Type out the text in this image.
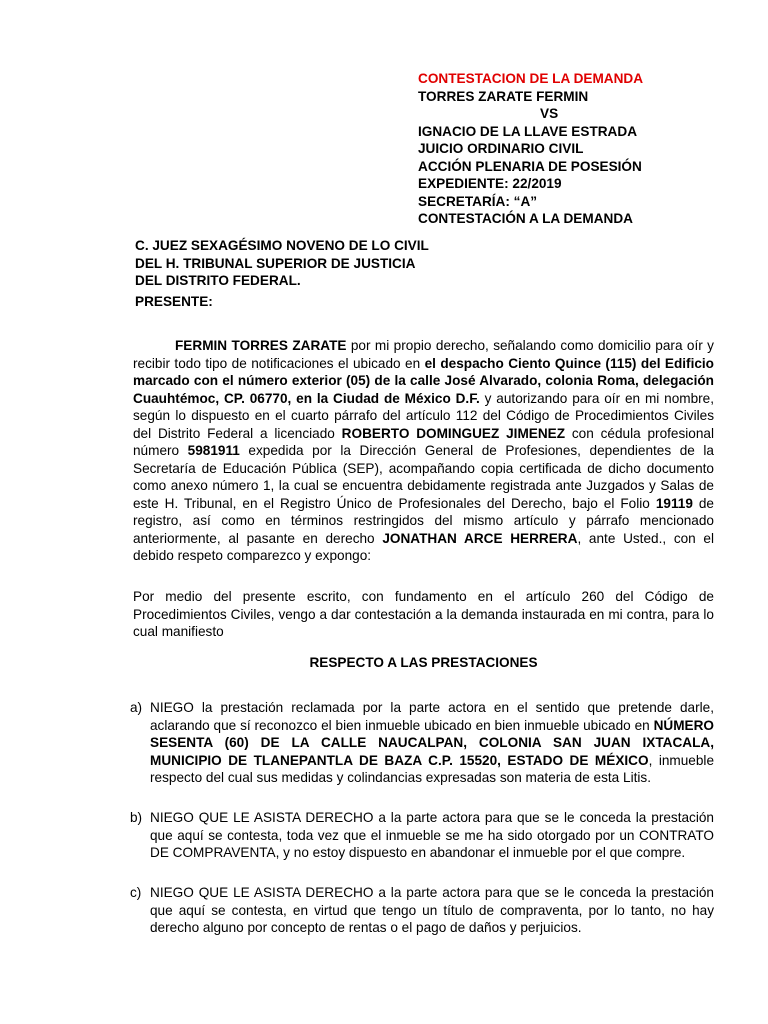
CONTESTACION DE LA DEMANDA
TORRES ZARATE FERMIN
VS
IGNACIO DE LA LLAVE ESTRADA
JUICIO ORDINARIO CIVIL
ACCIÓN PLENARIA DE POSESIÓN
EXPEDIENTE: 22/2019
SECRETARÍA: “A”
CONTESTACIÓN A LA DEMANDA
C. JUEZ SEXAGÉSIMO NOVENO DE LO CIVIL
DEL H. TRIBUNAL SUPERIOR DE JUSTICIA
DEL DISTRITO FEDERAL.
PRESENTE:
FERMIN TORRES ZARATE por mi propio derecho, señalando como domicilio para oír y recibir todo tipo de notificaciones el ubicado en el despacho Ciento Quince (115) del Edificio marcado con el número exterior (05) de la calle José Alvarado, colonia Roma, delegación Cuauhtémoc, CP. 06770, en la Ciudad de México D.F. y autorizando para oír en mi nombre, según lo dispuesto en el cuarto párrafo del artículo 112 del Código de Procedimientos Civiles del Distrito Federal a licenciado ROBERTO DOMINGUEZ JIMENEZ con cédula profesional número 5981911 expedida por la Dirección General de Profesiones, dependientes de la Secretaría de Educación Pública (SEP), acompañando copia certificada de dicho documento como anexo número 1, la cual se encuentra debidamente registrada ante Juzgados y Salas de este H. Tribunal, en el Registro Único de Profesionales del Derecho, bajo el Folio 19119 de registro, así como en términos restringidos del mismo artículo y párrafo mencionado anteriormente, al pasante en derecho JONATHAN ARCE HERRERA, ante Usted., con el debido respeto comparezco y expongo:
Por medio del presente escrito, con fundamento en el artículo 260 del Código de Procedimientos Civiles, vengo a dar contestación a la demanda instaurada en mi contra, para lo cual manifiesto
RESPECTO A LAS PRESTACIONES
a) NIEGO la prestación reclamada por la parte actora en el sentido que pretende darle, aclarando que sí reconozco el bien inmueble ubicado en bien inmueble ubicado en NÚMERO SESENTA (60) DE LA CALLE NAUCALPAN, COLONIA SAN JUAN IXTACALA, MUNICIPIO DE TLANEPANTLA DE BAZA C.P. 15520, ESTADO DE MÉXICO, inmueble respecto del cual sus medidas y colindancias expresadas son materia de esta Litis.
b) NIEGO QUE LE ASISTA DERECHO a la parte actora para que se le conceda la prestación que aquí se contesta, toda vez que el inmueble se me ha sido otorgado por un CONTRATO DE COMPRAVENTA, y no estoy dispuesto en abandonar el inmueble por el que compre.
c) NIEGO QUE LE ASISTA DERECHO a la parte actora para que se le conceda la prestación que aquí se contesta, en virtud que tengo un título de compraventa, por lo tanto, no hay derecho alguno por concepto de rentas o el pago de daños y perjuicios.
